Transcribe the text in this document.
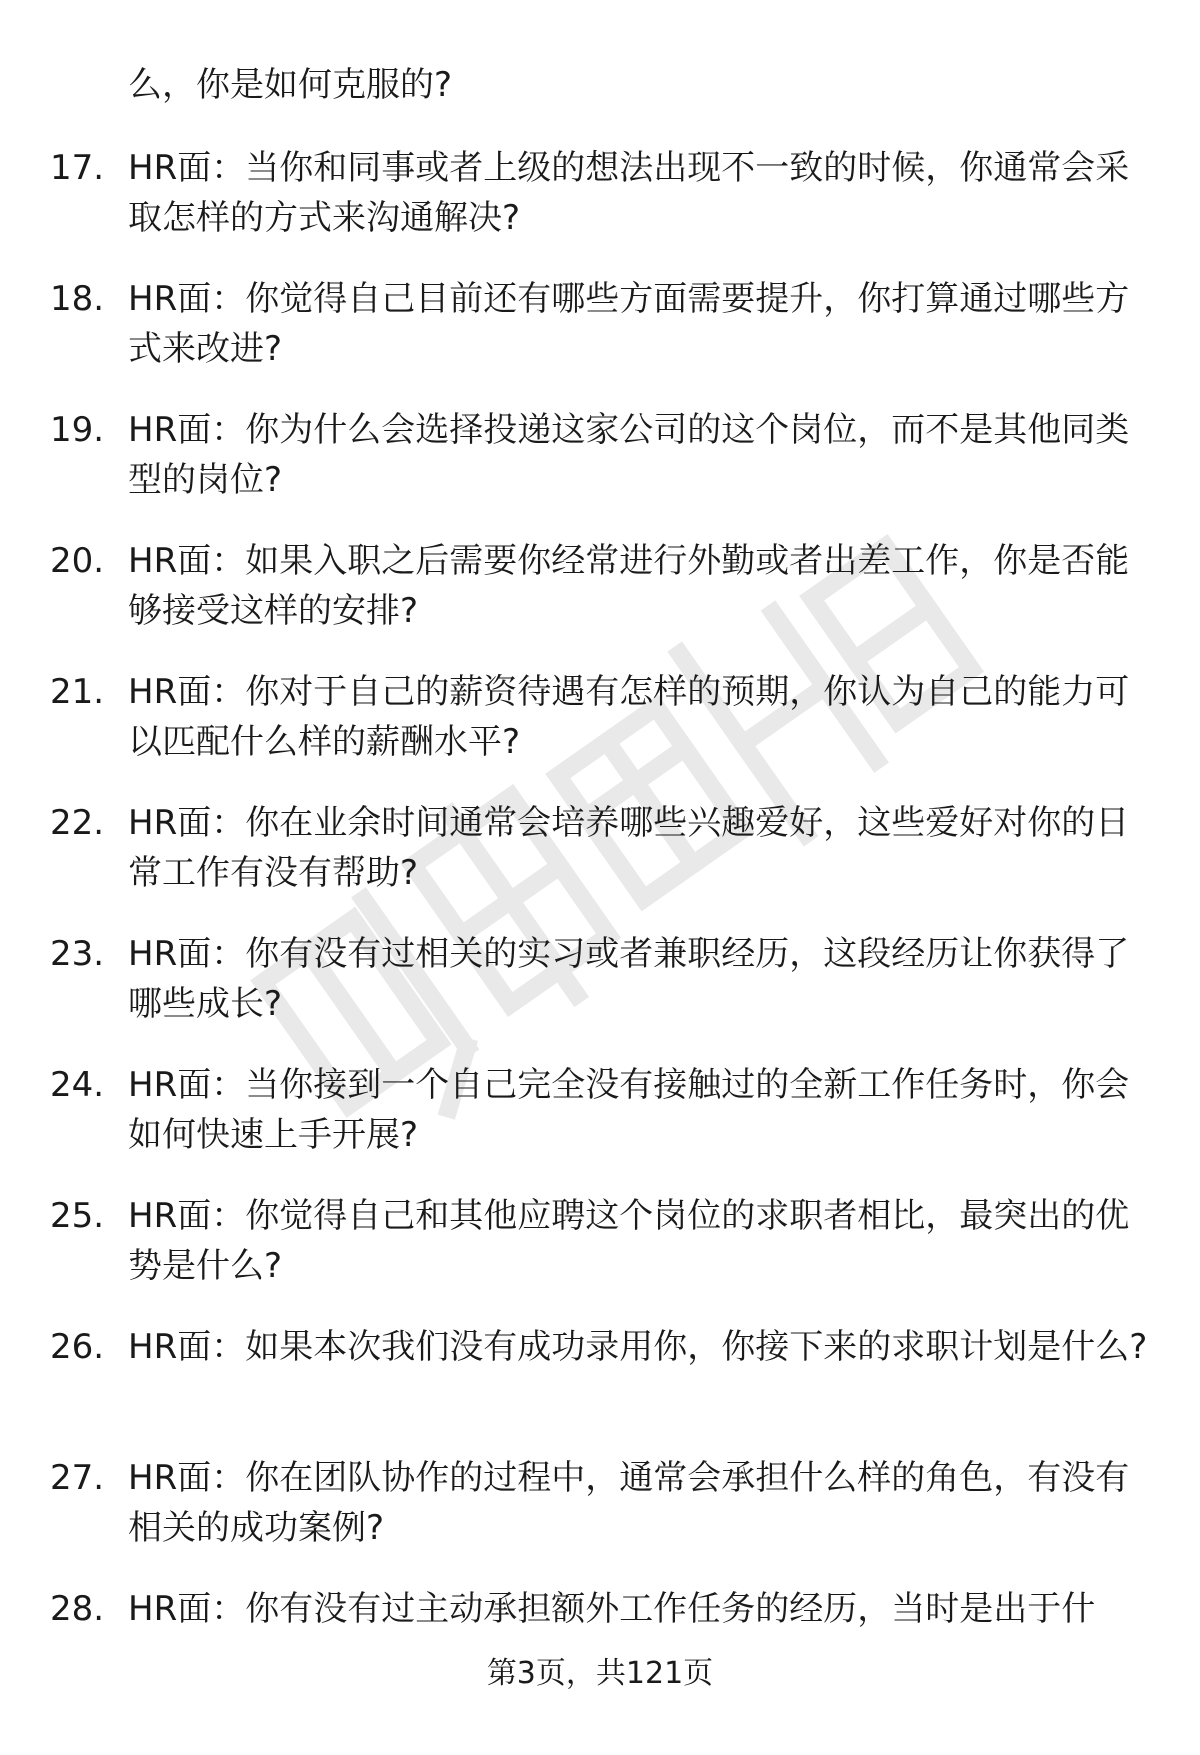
么，你是如何克服的?
17. HR面：当你和同事或者上级的想法出现不一致的时候，你通常会采取怎样的方式来沟通解决?
18. HR面：你觉得自己目前还有哪些方面需要提升，你打算通过哪些方式来改进?
19. HR面：你为什么会选择投递这家公司的这个岗位，而不是其他同类型的岗位?
20. HR面：如果入职之后需要你经常进行外勤或者出差工作，你是否能够接受这样的安排?
21. HR面：你对于自己的薪资待遇有怎样的预期，你认为自己的能力可以匹配什么样的薪酬水平?
22. HR面：你在业余时间通常会培养哪些兴趣爱好，这些爱好对你的日常工作有没有帮助?
23. HR面：你有没有过相关的实习或者兼职经历，这段经历让你获得了哪些成长?
24. HR面：当你接到一个自己完全没有接触过的全新工作任务时，你会如何快速上手开展?
25. HR面：你觉得自己和其他应聘这个岗位的求职者相比，最突出的优势是什么?
26. HR面：如果本次我们没有成功录用你，你接下来的求职计划是什么?
27. HR面：你在团队协作的过程中，通常会承担什么样的角色，有没有相关的成功案例?
28. HR面：你有没有过主动承担额外工作任务的经历，当时是出于什
第3页，共121页
